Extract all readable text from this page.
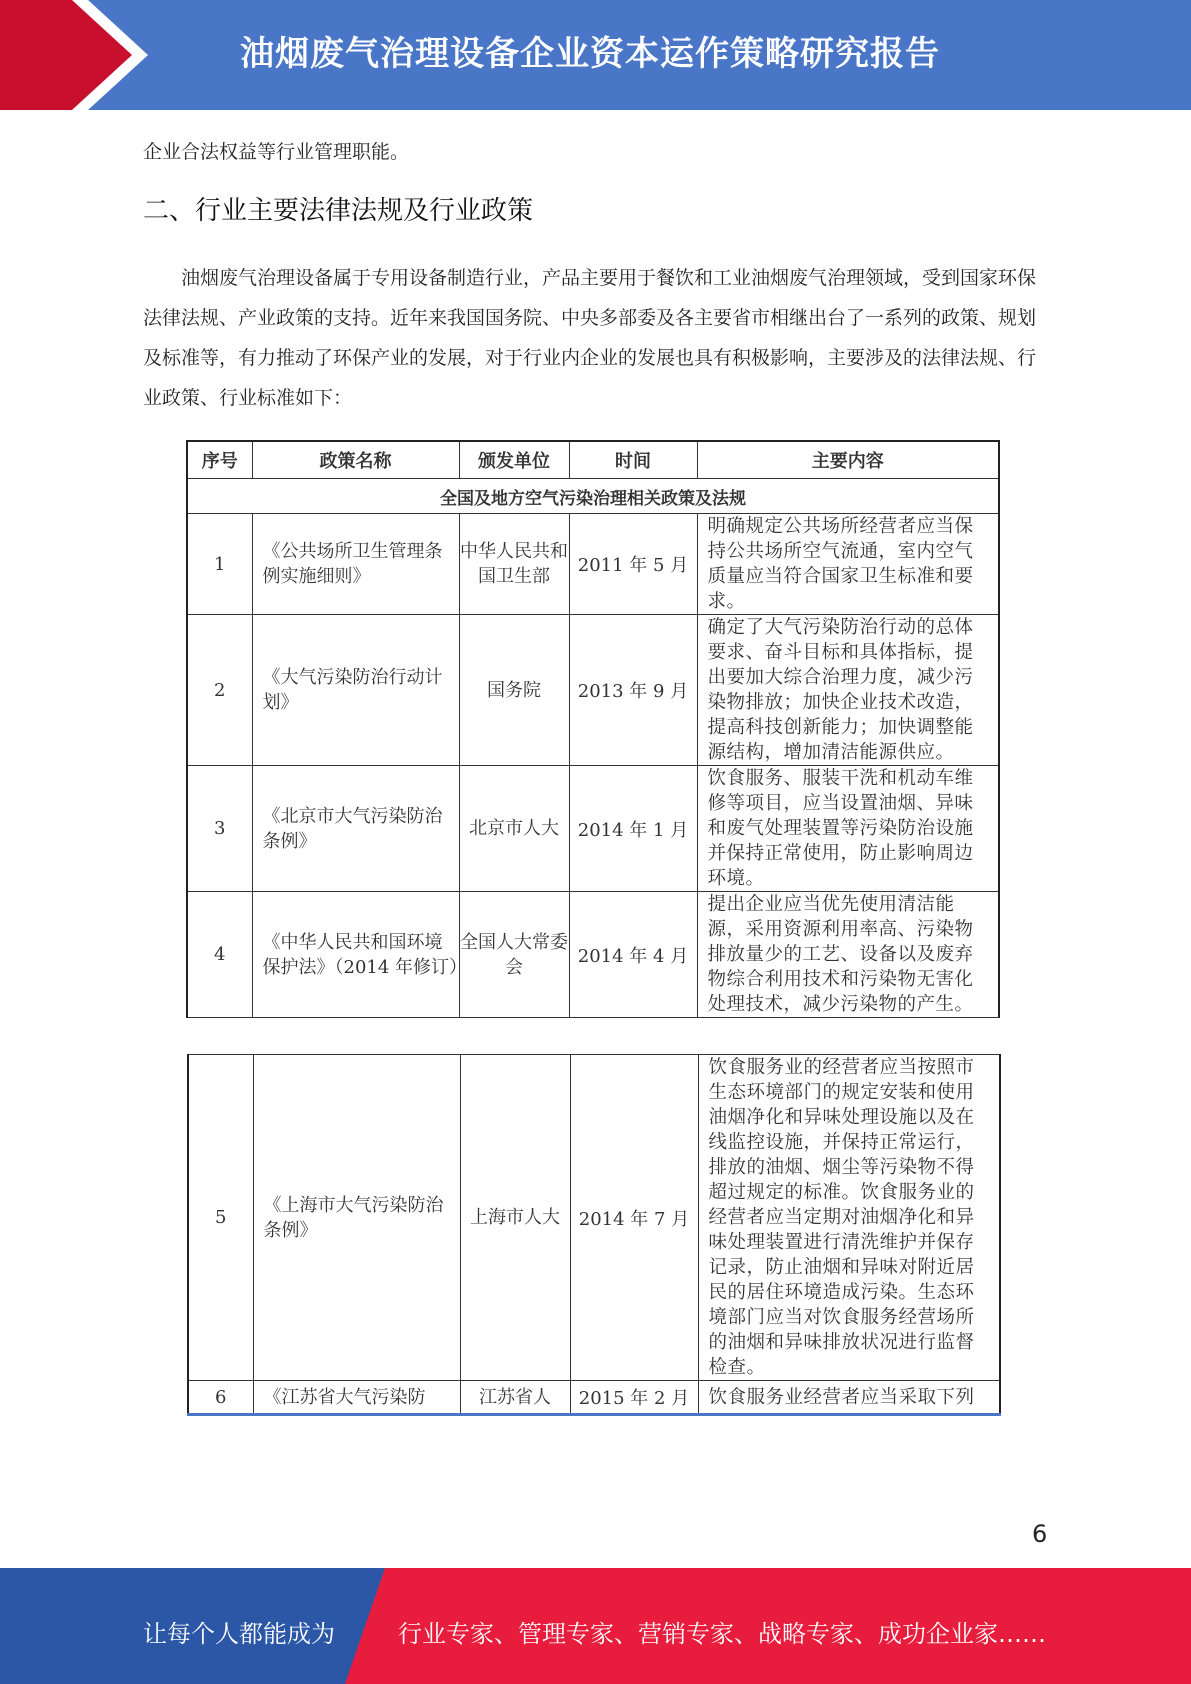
油烟废气治理设备企业资本运作策略研究报告
企业合法权益等行业管理职能。
二、行业主要法律法规及行业政策
油烟废气治理设备属于专用设备制造行业，产品主要用于餐饮和工业油烟废气治理领域，受到国家环保法律法规、产业政策的支持。近年来我国国务院、中央多部委及各主要省市相继出台了一系列的政策、规划及标准等，有力推动了环保产业的发展，对于行业内企业的发展也具有积极影响，主要涉及的法律法规、行业政策、行业标准如下：
序号	政策名称	颁发单位	时间	主要内容
全国及地方空气污染治理相关政策及法规				
1	《公共场所卫生管理条例实施细则》	中华人民共和国卫生部	2011 年 5 月	明确规定公共场所经营者应当保持公共场所空气流通，室内空气质量应当符合国家卫生标准和要求。
2	《大气污染防治行动计划》	国务院	2013 年 9 月	确定了大气污染防治行动的总体要求、奋斗目标和具体指标，提出要加大综合治理力度，减少污染物排放；加快企业技术改造，提高科技创新能力；加快调整能源结构，增加清洁能源供应。
3	《北京市大气污染防治条例》	北京市人大	2014 年 1 月	饮食服务、服装干洗和机动车维修等项目，应当设置油烟、异味和废气处理装置等污染防治设施并保持正常使用，防止影响周边环境。
4	《中华人民共和国环境保护法》（2014 年修订）	全国人大常委会	2014 年 4 月	提出企业应当优先使用清洁能源，采用资源利用率高、污染物排放量少的工艺、设备以及废弃物综合利用技术和污染物无害化处理技术，减少污染物的产生。
5	《上海市大气污染防治条例》	上海市人大	2014 年 7 月	饮食服务业的经营者应当按照市生态环境部门的规定安装和使用油烟净化和异味处理设施以及在线监控设施，并保持正常运行，排放的油烟、烟尘等污染物不得超过规定的标准。饮食服务业的经营者应当定期对油烟净化和异味处理装置进行清洗维护并保存记录，防止油烟和异味对附近居民的居住环境造成污染。生态环境部门应当对饮食服务经营场所的油烟和异味排放状况进行监督检查。
6	《江苏省大气污染防	江苏省人	2015 年 2 月	饮食服务业经营者应当采取下列
6
让每个人都能成为	行业专家、管理专家、营销专家、战略专家、成功企业家……
